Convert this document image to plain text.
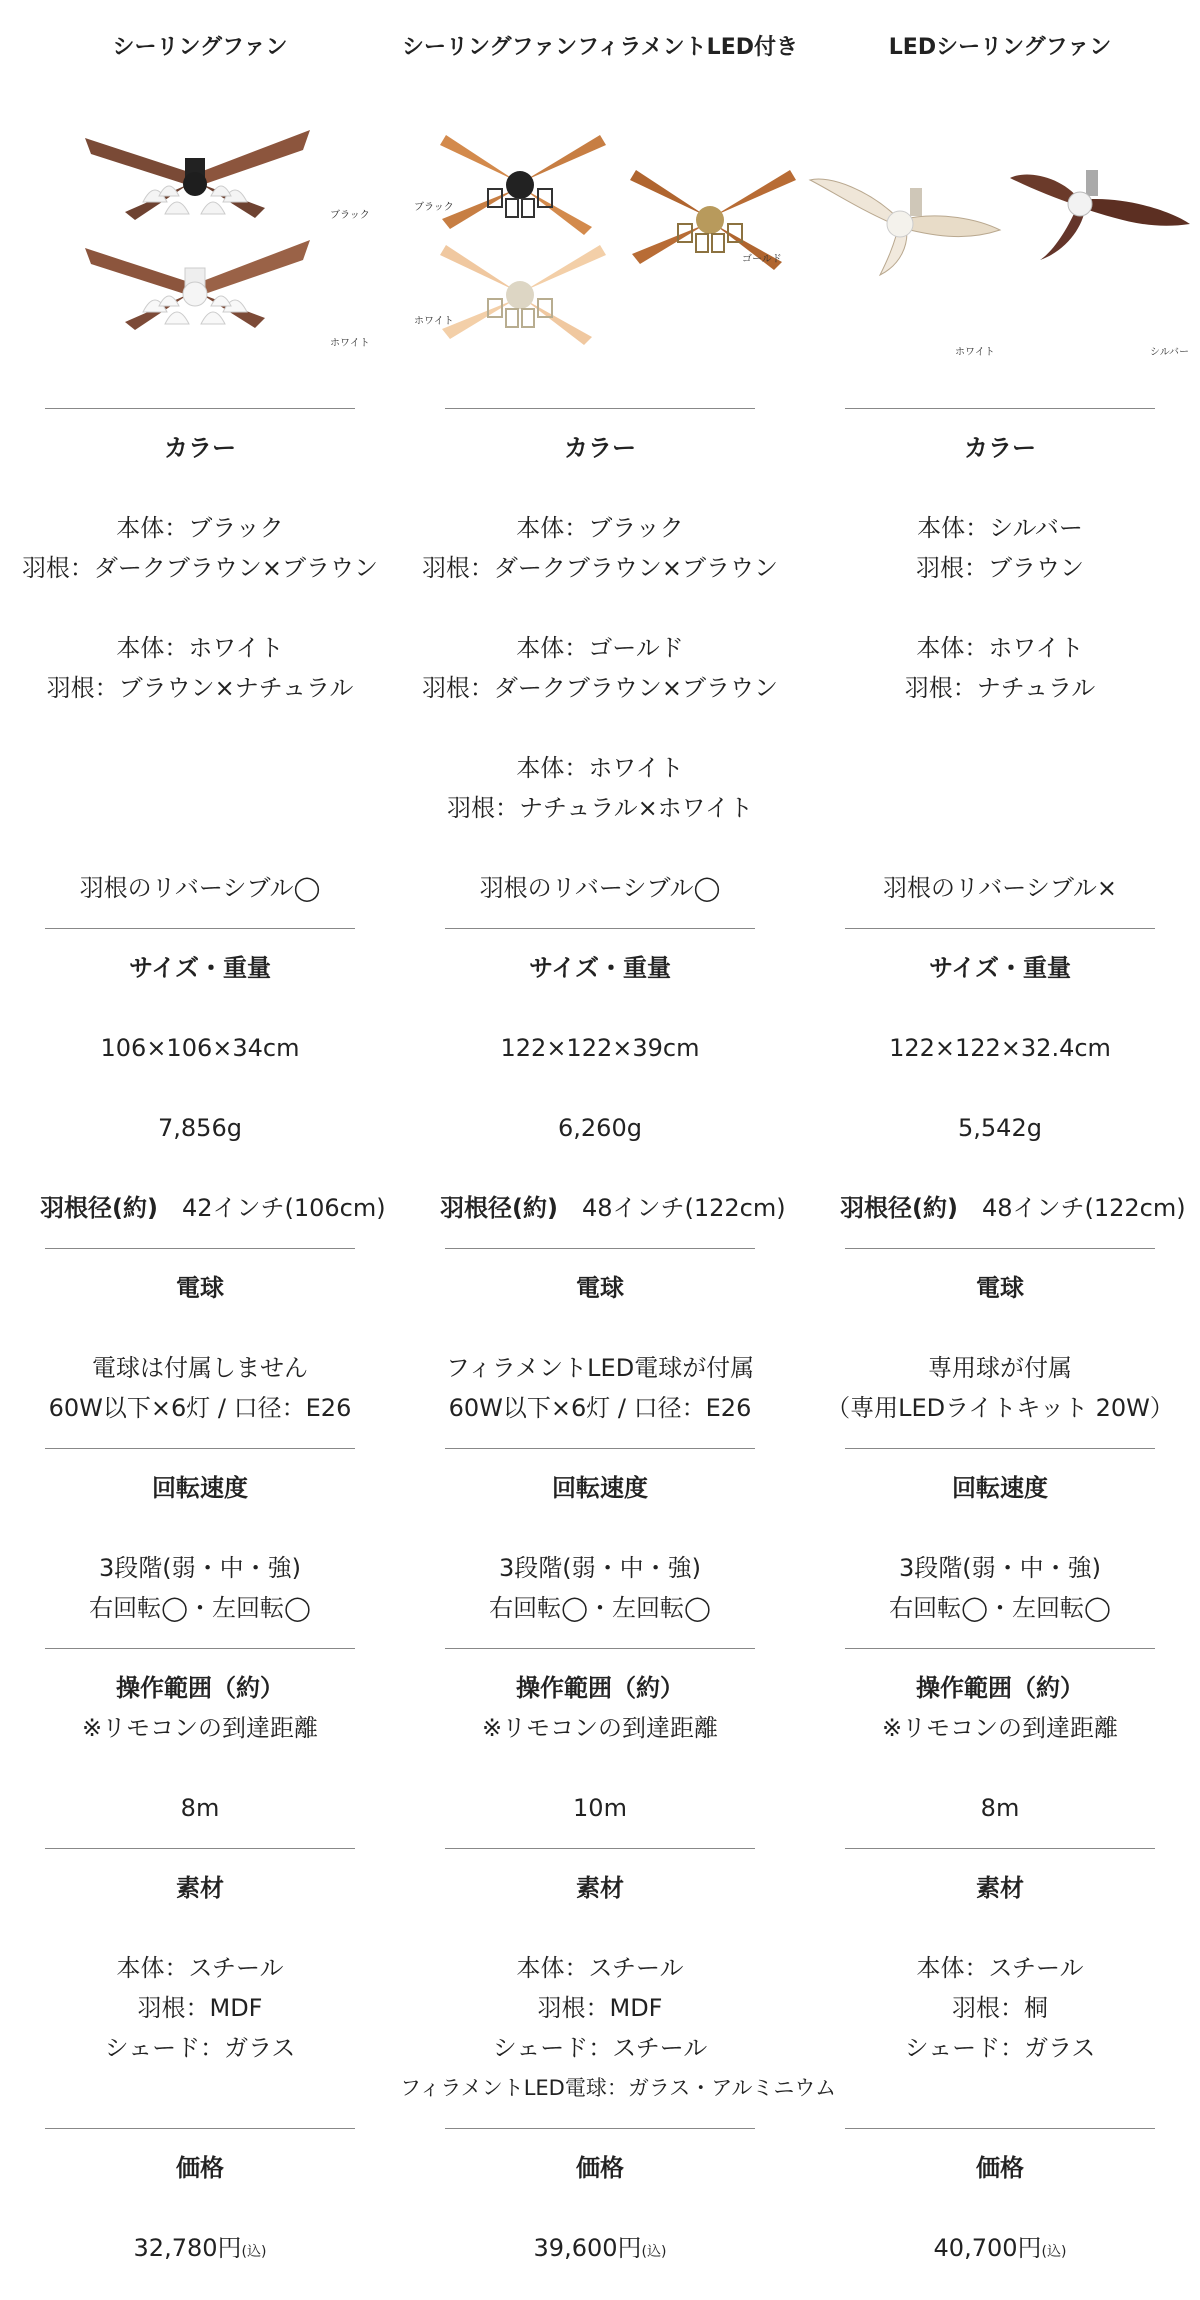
シーリングファン
ブラック
ホワイト
カラー
本体：ブラック
羽根：ダークブラウン×ブラウン
本体：ホワイト
羽根：ブラウン×ナチュラル
羽根のリバーシブル◯
サイズ・重量
106×106×34cm
7,856g
羽根径(約) 42インチ(106cm)
電球
電球は付属しません
60W以下×6灯 / 口径：E26
回転速度
3段階(弱・中・強)
右回転◯・左回転◯
操作範囲（約）
※リモコンの到達距離
8m
素材
本体：スチール
羽根：MDF
シェード：ガラス
価格
32,780円(込)
シーリングファンフィラメントLED付き
ブラック
ゴールド
ホワイト
カラー
本体：ブラック
羽根：ダークブラウン×ブラウン
本体：ゴールド
羽根：ダークブラウン×ブラウン
本体：ホワイト
羽根：ナチュラル×ホワイト
羽根のリバーシブル◯
サイズ・重量
122×122×39cm
6,260g
羽根径(約) 48インチ(122cm)
電球
フィラメントLED電球が付属
60W以下×6灯 / 口径：E26
回転速度
3段階(弱・中・強)
右回転◯・左回転◯
操作範囲（約）
※リモコンの到達距離
10m
素材
本体：スチール
羽根：MDF
シェード：スチール
フィラメントLED電球：ガラス・アルミニウム
価格
39,600円(込)
LEDシーリングファン
ホワイト	シルバー
カラー
本体：シルバー
羽根：ブラウン
本体：ホワイト
羽根：ナチュラル
羽根のリバーシブル×
サイズ・重量
122×122×32.4cm
5,542g
羽根径(約) 48インチ(122cm)
電球
専用球が付属
（専用LEDライトキット 20W）
回転速度
3段階(弱・中・強)
右回転◯・左回転◯
操作範囲（約）
※リモコンの到達距離
8m
素材
本体：スチール
羽根：桐
シェード：ガラス
価格
40,700円(込)
